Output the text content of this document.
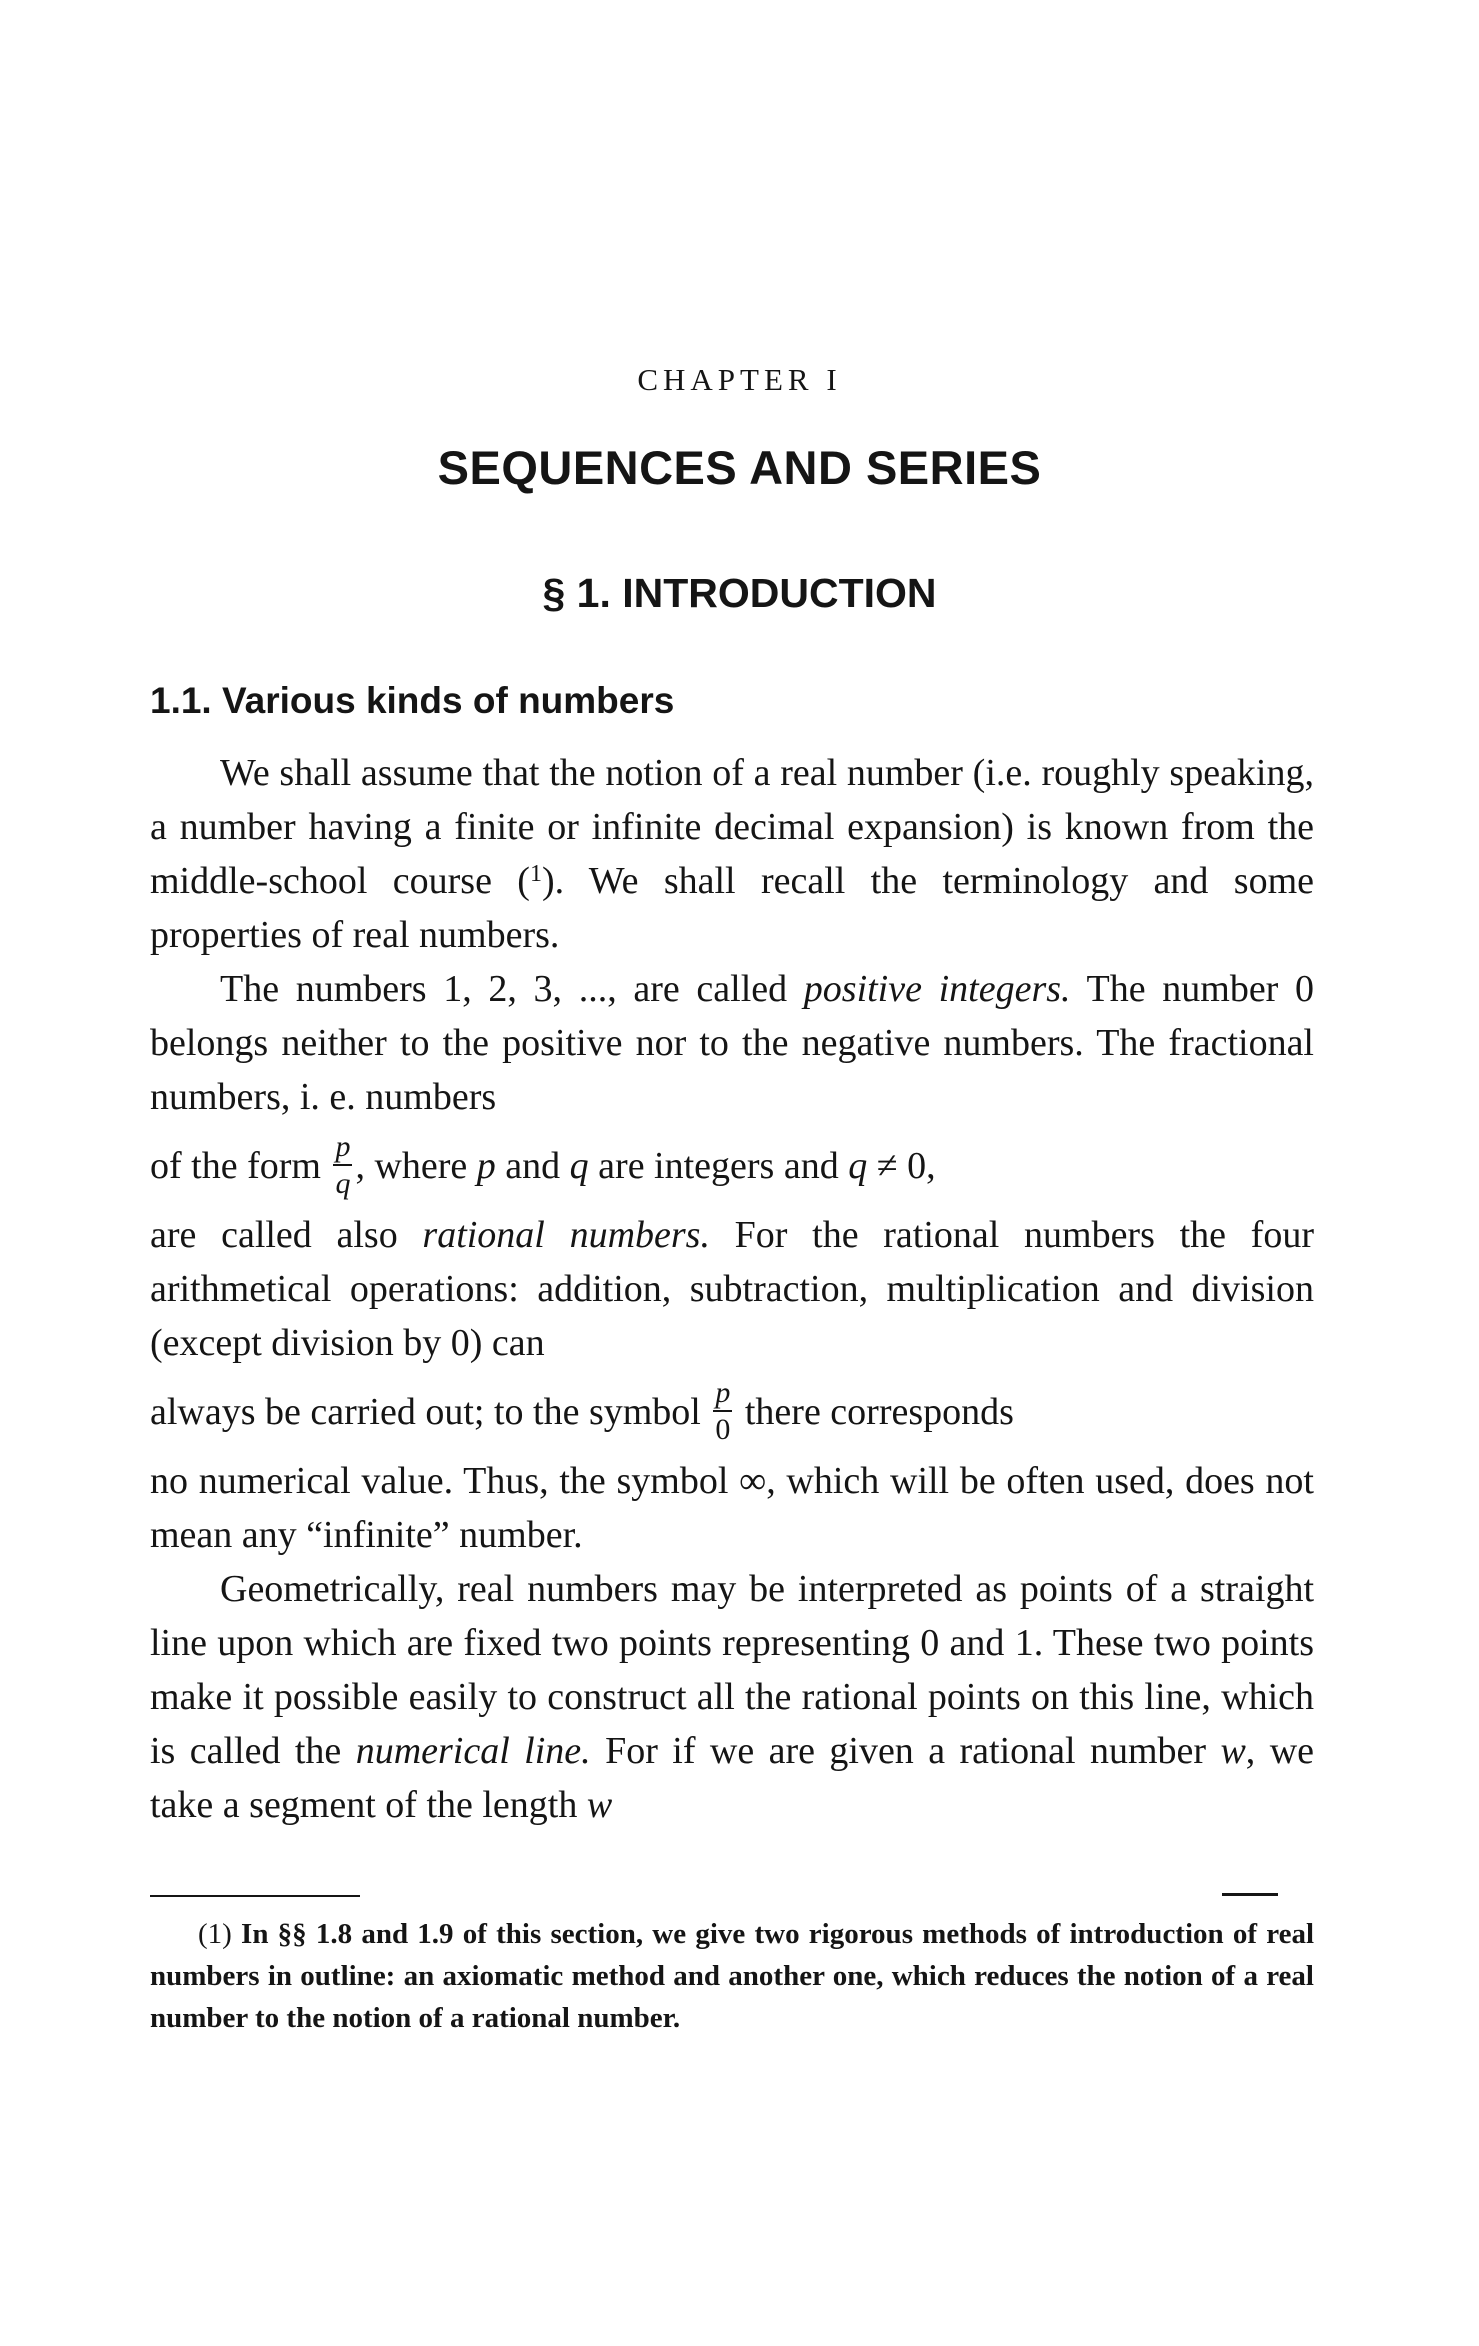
CHAPTER I
SEQUENCES AND SERIES
§ 1. INTRODUCTION
1.1. Various kinds of numbers

We shall assume that the notion of a real number (i.e. roughly speaking, a number having a finite or infinite decimal expansion) is known from the middle-school course ($^1$). We shall recall the terminology and some properties of real numbers.

The numbers 1, 2, 3, ..., are called positive integers. The number 0 belongs neither to the positive nor to the negative numbers. The fractional numbers, i. e. numbers

of the form $\frac{p}{q}$ , where p and q are integers and q ≠ 0,
are called also rational numbers. For the rational numbers the four arithmetical operations: addition, subtraction, multiplication and division (except division by 0) can
always be carried out; to the symbol $\frac{p}{0}$ there corresponds
no numerical value. Thus, the symbol ∞, which will be often used, does not mean any “infinite” number.

Geometrically, real numbers may be interpreted as points of a straight line upon which are fixed two points representing 0 and 1. These two points make it possible easily to construct all the rational points on this line, which is called the numerical line. For if we are given a rational number w, we take a segment of the length w

(1) In §§ 1.8 and 1.9 of this section, we give two rigorous methods of introduction of real numbers in outline: an axiomatic method and another one, which reduces the notion of a real number to the notion of a rational number.
